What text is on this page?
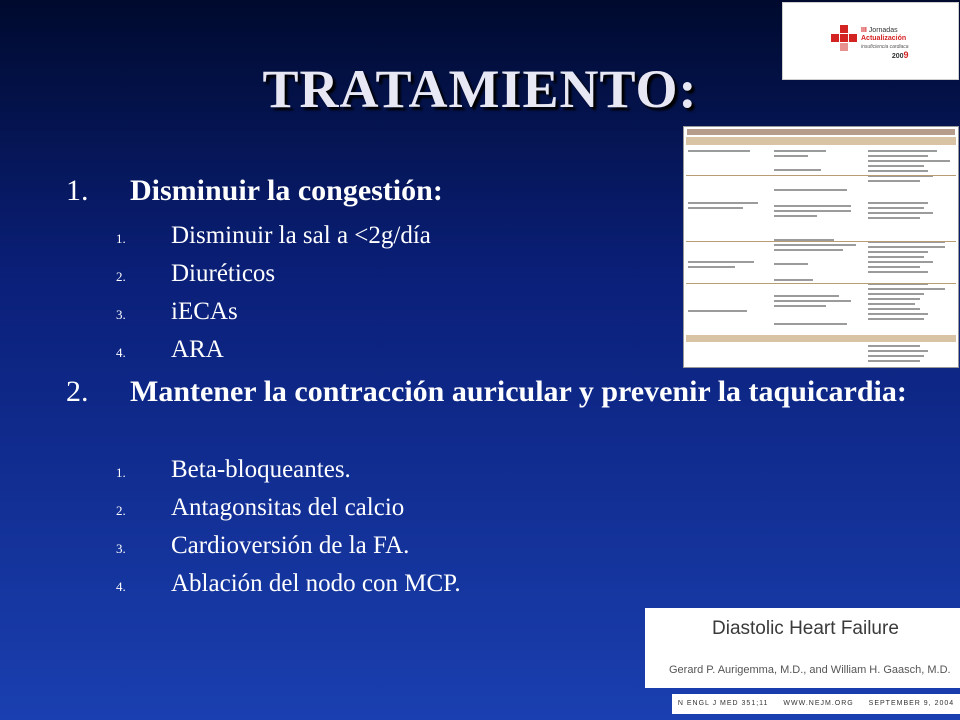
TRATAMIENTO:
III Jornadas
Actualización
insuficiencia cardiaca

2009
1. Disminuir la congestión:
1. Disminuir la sal a <2g/día
2. Diuréticos
3. iECAs
4. ARA
2. Mantener la contracción auricular y prevenir la taquicardia:
1. Beta-bloqueantes.
2. Antagonsitas del calcio
3. Cardioversión de la FA.
4. Ablación del nodo con MCP.
Diastolic Heart Failure
Gerard P. Aurigemma, M.D., and William H. Gaasch, M.D.
N ENGL J MED 351;11 WWW.NEJM.ORG SEPTEMBER 9, 2004
